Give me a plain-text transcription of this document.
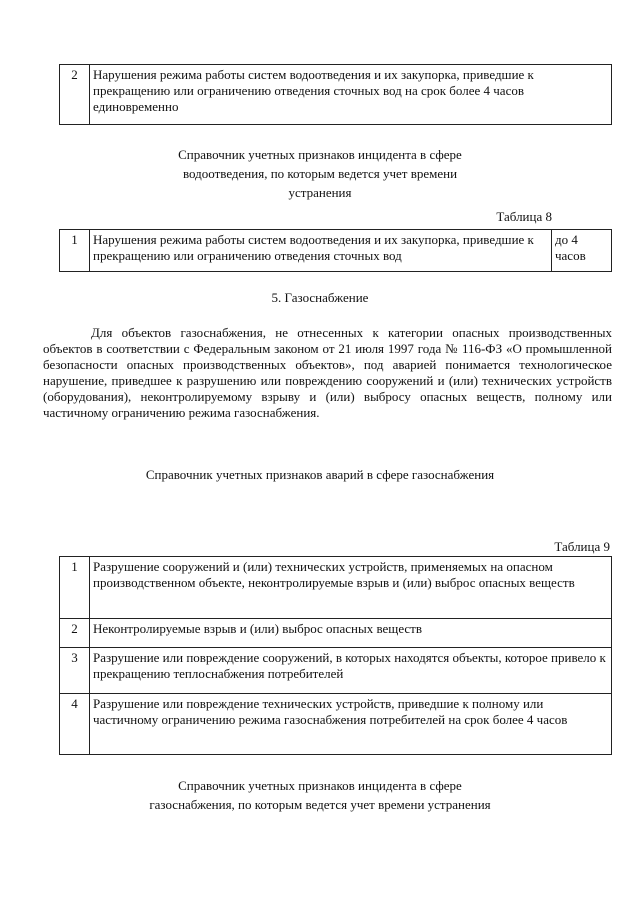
2	Нарушения режима работы систем водоотведения и их закупорка, приведшие к прекращению или ограничению отведения сточных вод на срок более 4 часов единовременно
Справочник учетных признаков инцидента в сфере водоотведения, по которым ведется учет времени устранения
Таблица 8
1	Нарушения режима работы систем водоотведения и их закупорка, приведшие к прекращению или ограничению отведения сточных вод	до 4 часов
5. Газоснабжение
Для объектов газоснабжения, не отнесенных к категории опасных производственных объектов в соответствии с Федеральным законом от 21 июля 1997 года № 116-ФЗ «О промышленной безопасности опасных производственных объектов», под аварией понимается технологическое нарушение, приведшее к разрушению или повреждению сооружений и (или) технических устройств (оборудования), неконтролируемому взрыву и (или) выбросу опасных веществ, полному или частичному ограничению режима газоснабжения.
Справочник учетных признаков аварий в сфере газоснабжения
Таблица 9
1	Разрушение сооружений и (или) технических устройств, применяемых на опасном производственном объекте, неконтролируемые взрыв и (или) выброс опасных веществ
2	Неконтролируемые взрыв и (или) выброс опасных веществ
3	Разрушение или повреждение сооружений, в которых находятся объекты, которое привело к прекращению теплоснабжения потребителей
4	Разрушение или повреждение технических устройств, приведшие к полному или частичному ограничению режима газоснабжения потребителей на срок более 4 часов
Справочник учетных признаков инцидента в сфере
газоснабжения, по которым ведется учет времени устранения
